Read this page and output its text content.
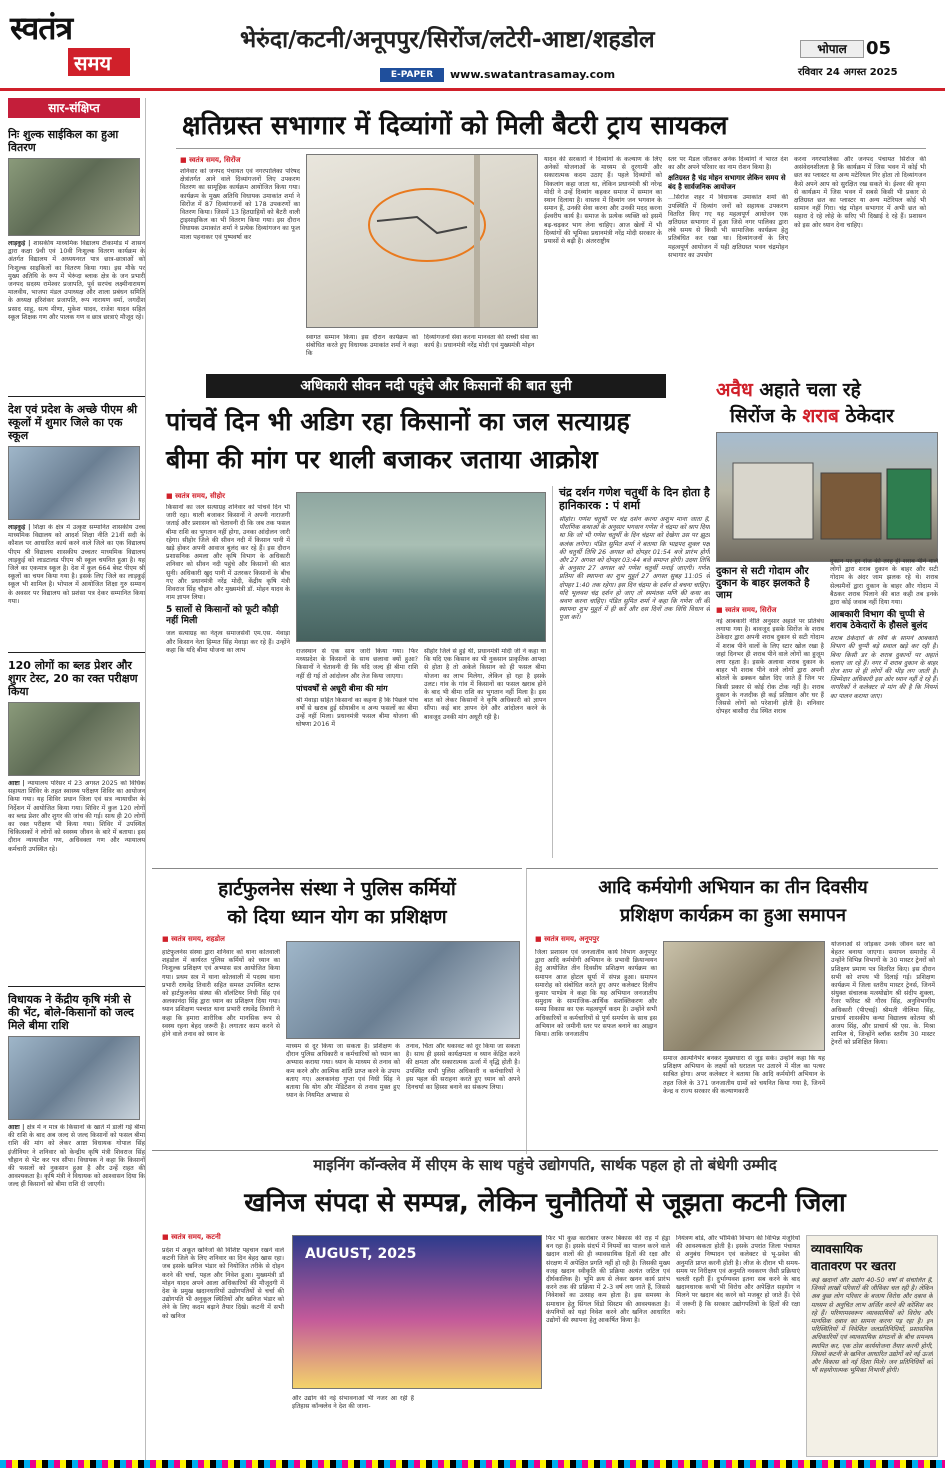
स्वतंत्र
समय
भेरुंदा/कटनी/अनूपपुर/सिरोंज/लटेरी-आष्टा/शहडोल
E-PAPER	www.swatantrasamay.com
भोपाल	05
रविवार 24 अगस्त 2025
सार-संक्षिप्त
निः शुल्क साईकिल का हुआ वितरण
लाड़कुई | शासकीय माध्यमिक विद्यालय टीकामोड में शासन द्वारा कक्षा 9वी एवं 10वी निःशुल्क वितरण कार्यक्रम के अंतर्गत विद्यालय में अध्ययनरत पात्र छात्र-छात्राओं को निःशुल्क साइकिलों का वितरण किया गया। इस मौके पर मुख्य अतिथि के रूप में भेरूंदा ब्लाक क्षेत्र के जन प्रभारी जनपद सदस्य रामेश्वर प्रजापति, पूर्व सरपंच लक्ष्मीनारायण मालवीय, भाजपा मंडल उपाध्यक्ष और शाला प्रबंधन समिति के अध्यक्ष हरिशंकर प्रजापति, रूप नारायण वर्मा, जगदीश प्रसाद साहू, सत्य मीणा, मुकेश यादव, राजेश यादव सहित स्कूल शिक्षक गण और पालक गण व छात्र छात्राएं मौजूद रहे।
देश एवं प्रदेश के अच्छे पीएम श्री स्कूलों में शुमार जिले का एक स्कूल
लाड़कुई | शिक्षा के क्षेत्र में उत्कृष्ट सम्मानित शासकीय उच्च माध्यमिक विद्यालय को आदर्श शिक्षा नीति 21वीं सदी के कौशल पर आधारित कार्य करने वाले जिले का एक विद्यालय पीएम श्री विद्यालय शासकीय उच्चतर माध्यमिक विद्यालय लाड़कुई को लाडटालड पीएम श्री स्कूल चयनित हुआ है। यह जिले का एकमात्र स्कूल है। देश में कुल 664 बेस्ट पीएम श्री स्कूलों का चयन किया गया है। इसके लिए जिले का लाड़कुई स्कूल भी शामिल है। भोपाल में आयोजित शिक्षा गुरु सम्मान के अवसर पर विद्यालय को प्रशंसा पत्र देकर सम्मानित किया गया।
120 लोगों का ब्लड प्रेशर और शुगर टेस्ट, 20 का रक्त परीक्षण किया
आष्टा | न्यायालय परिसर में 23 अगस्त 2025 को विधिक सहायता शिविर के तहत स्वास्थ्य परीक्षण शिविर का आयोजन किया गया। यह शिविर प्रधान जिला एवं सत्र न्यायाधीश के निर्देशन में आयोजित किया गया। शिविर में कुल 120 लोगों का ब्लड प्रेशर और शुगर की जांच की गई। साथ ही 20 लोगों का रक्त परीक्षण भी किया गया। शिविर में उपस्थित चिकित्सकों ने लोगों को स्वस्थ्य जीवन के बारे में बताया। इस दौरान न्यायाधीश गण, अधिवक्ता गण और न्यायालय कर्मचारी उपस्थित रहे।
विधायक ने केंद्रीय कृषि मंत्री से की भेंट, बोले-किसानों को जल्द मिले बीमा राशि
आष्टा | क्षेत्र में न मात्र के किसानों के खाते में डाली गई बीमा की राशि के बाद अब जल्द से जल्द किसानों को फसल बीमा राशि की मांग को लेकर आष्टा विधायक गोपाल सिंह इंजीनियर ने शनिवार को केन्द्रीय कृषि मंत्री शिवराज सिंह चौहान से भेंट कर पत्र सौंपा। विधायक ने कहा कि किसानों की फसलों को नुकसान हुआ है और उन्हें राहत की आवश्यकता है। कृषि मंत्री ने विधायक को आश्वासन दिया कि जल्द ही किसानों को बीमा राशि दी जाएगी।
क्षतिग्रस्त सभागार में दिव्यांगों को मिली बैटरी ट्राय सायकल
■ स्वतंत्र समय, सिरोंज
शनिवार को जनपद पंचायत एवं नगरपालिका परिषद क्षेत्रांतर्गत आने वाले दिव्यांगजनों लिए उपकरण वितरण का सामूहिक कार्यक्रम आयोजित किया गया। कार्यक्रम के मुख्य अतिथि विधायक उमाकांत शर्मा ने सिरोंज में 87 दिव्यांगजनों को 178 उपकरणों का वितरण किया। जिसमें 13 हितग्राहियों को बैटरी वाली ट्राइसाइकिल का भी वितरण किया गया। इस दौरान विधायक उमाकांत शर्मा ने प्रत्येक दिव्यांगजन का फूल माला पहनाकर एवं पुष्पवर्षा कर
स्वागत सम्मान किया। इस दौरान कार्यक्रम को संबोधित करते हुए विधायक उमाकांत शर्मा ने कहा कि
दिव्यांगजनों सेवा करना मानवता की सच्ची सेवा का कार्य है। प्रधानमंत्री नरेंद्र मोदी एवं मुख्यमंत्री मोहन
यादव की सरकारों ने दिव्यांगों के कल्याण के लिए अनेकों योजनाओं के माध्यम से दूरगामी और सकारात्मक कदम उठाए हैं। पहले दिव्यांगों को विकलांग कहा जाता था, लेकिन प्रधानमंत्री श्री नरेन्द्र मोदी ने उन्हें दिव्यांग कहकर समाज में सम्मान का स्थान दिलाया है। वास्तव में दिव्यांग जन भगवान के समान हैं, उनकी सेवा करना और उनकी मदद करना ईश्वरीय कार्य है। समाज के प्रत्येक व्यक्ति को इसमें बढ़-चढ़कर भाग लेना चाहिए। आज खेलों में भी दिव्यांगों की भूमिका प्रधानमंत्री नरेंद्र मोदी सरकार के प्रयासों से बढ़ी है। अंतरराष्ट्रीय
स्तर पर मैडल जीतकर अनेक दिव्यांगों ने भारत देश का और अपने परिवार का नाम रोशन किया है।
क्षतिग्रस्त है चंद्र मोहन सभागार लेकिन समय से बंद है सार्वजनिक आयोजन
...सिरोंज शहर में विधायक उमाकांत शर्मा की उपस्थिति में दिव्यांग जनों को सहायक उपकरण वितरित किए गए यह महत्वपूर्ण आयोजन एक क्षतिग्रस्त सभागार में हुआ जिसे नगर पालिका द्वारा लंबे समय से किसी भी सामाजिक कार्यक्रम हेतु प्रतिबंधित कर रखा था। दिव्यांगजनों के लिए महत्वपूर्ण आयोजन में यही क्षतिग्रस्त भवन चंद्रमोहन सभागार का उपयोग
करना नगरपालिका और जनपद पंचायत सिरोंज की असंवेदनशीलता है कि कार्यक्रम में जिस भवन में कोई भी छत का प्लास्टर या अन्य मटेरियल गिर होता तो दिव्यांगजन कैसे अपने आप को सुरक्षित रख सकते थे। ईश्वर की कृपा से कार्यक्रम में जिस भवन में सबसे किसी भी प्रकार से क्षतिग्रस्त छत का प्लास्टर या अन्य मटेरियल कोई भी सामान नहीं गिरा। चंद्र मोहन सभागार में अभी छत को सहारा दे रहे लोहे के सरिए भी दिखाई दे रहे हैं। प्रशासन को इस ओर ध्यान देना चाहिए।
अधिकारी सीवन नदी पहुंचे और किसानों की बात सुनी
पांचवें दिन भी अडिग रहा किसानों का जल सत्याग्रह
बीमा की मांग पर थाली बजाकर जताया आक्रोश
■ स्वतंत्र समय, सीहोर
किसानों का जल सत्याग्रह शनिवार को पांचवें दिन भी जारी रहा। थाली बजाकर किसानों ने अपनी नाराजगी जताई और प्रशासन को चेतावनी दी कि जब तक फसल बीमा राशि का भुगतान नहीं होगा, उनका आंदोलन जारी रहेगा। सीहोर जिले की सीवन नदी में किसान पानी में खड़े होकर अपनी आवाज बुलंद कर रहे हैं। इस दौरान प्रशासनिक अमला और कृषि विभाग के अधिकारी शनिवार को सीवन नदी पहुंचे और किसानों की बात सुनी। अधिकारी खुद पानी में उतरकर किसानों के बीच गए और प्रधानमंत्री नरेंद्र मोदी, केंद्रीय कृषि मंत्री शिवराज सिंह चौहान और मुख्यमंत्री डॉ. मोहन यादव के नाम ज्ञापन लिया।
5 सालों से किसानों को फूटी कौड़ी नहीं मिली
जल सत्याग्रह का नेतृत्व समाजसेवी एम.एस. मेवाड़ा और किसान नेता हिम्मत सिंह मेवाड़ा कर रहे हैं। उन्होंने कहा कि यदि बीमा योजना का लाभ	राजस्थान से एक साथ जारी किया गया। फिर मध्यप्रदेश के किसानों के साथ छलावा क्यों हुआ? किसानों ने चेतावनी दी कि यदि जल्द ही बीमा राशि नहीं दी गई तो आंदोलन और तेज किया जाएगा।
पांचवर्षों से अधूरी बीमा की मांग
श्री मेवाड़ा सहित किसानों का कहना है कि पिछले पांच वर्षों से खराब हुई सोयाबीन व अन्य फसलों का बीमा उन्हें नहीं मिला। प्रधानमंत्री फसल बीमा योजना की घोषणा 2016 में
सीहोर जिले से हुई थी, प्रधानमंत्री मोदी जी ने कहा था कि यदि एक किसान का भी नुकसान प्राकृतिक आपदा से होता है तो अकेले किसान को ही फसल बीमा योजना का लाभ मिलेगा, लेकिन हो रहा है इसके उलट। गांव के गांव में किसानों का फसल खराब होने के बाद भी बीमा राशि का भुगतान नहीं मिला है। इस बात को लेकर किसानों ने कृषि अधिकारी को ज्ञापन सौंपा। कई बार ज्ञापन देने और आंदोलन करने के बावजूद उनकी मांग अधूरी रही है।
चंद्र दर्शन गणेश चतुर्थी के दिन होता है हानिकारक : पं शर्मा
सीहोर। गणेश चतुर्थी पर चंद्र दर्शन करना अशुभ माना जाता है, पौराणिक कथाओं के अनुसार भगवान गणेश ने चंद्रमा को श्राप दिया था कि जो भी गणेश चतुर्थी के दिन चंद्रमा को देखेगा उस पर झूठा कलंक लगेगा। पंडित सुमित शर्मा ने बताया कि भाद्रपद शुक्ल पक्ष की चतुर्थी तिथि 26 अगस्त को दोपहर 01:54 बजे प्रारंभ होगी और 27 अगस्त को दोपहर 03:44 बजे समाप्त होगी। उदया तिथि के अनुसार 27 अगस्त को गणेश चतुर्थी मनाई जाएगी। गणेश प्रतिमा की स्थापना का शुभ मुहूर्त 27 अगस्त सुबह 11:05 से दोपहर 1:40 तक रहेगा। इस दिन चंद्रमा के दर्शन से बचना चाहिए। यदि भूलवश चंद्र दर्शन हो जाए तो स्यमंतक मणि की कथा का श्रवण करना चाहिए। पंडित सुमित शर्मा ने कहा कि गणेश जी की स्थापना शुभ मुहूर्त में ही करें और दस दिनों तक विधि विधान से पूजा करें।
अवैध अहाते चला रहे
सिरोंज के शराब ठेकेदार
दुकान से सटी गोदाम और दुकान के बाहर झलकते है जाम
■ स्वतंत्र समय, सिरोंज
नई आबकारी नीति अनुसार अहाते पर प्रतिबंध लगाया गया है। बावजूद इसके सिरोंज के शराब ठेकेदार द्वारा अपनी शराब दुकान से सटी गोदाम में शराब पीने वालों के लिए स्टार खोल रखा है जहां दिनभर ही शराब पीने वाले लोगों का हुजूम लगा रहता है। इसके अलावा शराब दुकान के बाहर भी शराब पीने वाले लोगों द्वारा अपनी बोतलें के ढक्कन खोल दिए जाते हैं जिन पर किसी प्रकार से कोई रोक टोक नहीं है। शराब दुकान के नजदीक ही कई प्रतिष्ठान और घर हैं जिससे लोगों को परेशानी होती है। शनिवार दोपहर बासौदा रोड स्थित शराब
दुकान पर हर रोज की तरह ही शराब पीने वाले लोगों द्वारा शराब दुकान के बाहर और सटी गोदाम के अंदर जाम झलक रहे थे। शराब सेल्समैनों द्वारा दुकान के बाहर और गोदाम में बैठकर शराब पिलाने की बात कही तब इनके द्वारा कोई जवाब नहीं दिया गया।
आबकारी विभाग की चुप्पी से शराब ठेकेदारों के हौसले बुलंद
शराब ठेकेदारों के रवैये के सामने आबकारी विभाग की चुप्पी बड़े सवाल खड़े कर रही है। बिना किसी डर के शराब दुकानों पर अहाते चलाए जा रहे हैं। नगर में शराब दुकान के बाहर रोज शाम से ही लोगों की भीड़ लग जाती है। जिम्मेदार अधिकारी इस ओर ध्यान नहीं दे रहे हैं। नागरिकों ने कलेक्टर से मांग की है कि नियमों का पालन कराया जाए।
हार्टफुलनेस संस्था ने पुलिस कर्मियों
को दिया ध्यान योग का प्रशिक्षण
■ स्वतंत्र समय, शहडोल
हार्टफुलनेस संस्था द्वारा शनिवार को थाना कोतवाली शहडोल में कार्यरत पुलिस कर्मियों को ध्यान का निःशुल्क प्रशिक्षण एवं अभ्यास सत्र आयोजित किया गया। प्रथम सत्र में थाना कोतवाली में पदस्थ थाना प्रभारी राघवेंद्र तिवारी सहित समस्त उपस्थित स्टाफ को हार्टफुलनेस संस्था की वॉलंटियर निधी सिंह एवं अलकानंदा सिंह द्वारा ध्यान का प्रशिक्षण दिया गया। ध्यान प्रशिक्षण पश्चात थाना प्रभारी राघवेंद्र तिवारी ने कहा कि हमारा शारीरिक और मानसिक रूप से स्वस्थ रहना बेहद जरूरी है। लगातार काम करने से होने वाले तनाव को ध्यान के
माध्यम से दूर किया जा सकता है। प्रशिक्षण के दौरान पुलिस अधिकारी व कर्मचारियों को ध्यान का अभ्यास कराया गया। ध्यान के माध्यम से तनाव को कम करने और आत्मिक शांति प्राप्त करने के उपाय बताए गए। अलकानंदा गुप्ता एवं निधी सिंह ने बताया कि योग और मेडिटेशन से तनाव मुक्त हुए ध्यान के नियमित अभ्यास से
तनाव, चिंता और थकावट को दूर किया जा सकता है। साथ ही इससे कार्यक्षमता व ध्यान केंद्रित करने की क्षमता और सकारात्मक ऊर्जा में वृद्धि होती है। उपस्थित सभी पुलिस अधिकारी व कर्मचारियों ने इस पहल की सराहना करते हुए ध्यान को अपने दिनचर्या का हिस्सा बनाने का संकल्प लिया।
आदि कर्मयोगी अभियान का तीन दिवसीय
प्रशिक्षण कार्यक्रम का हुआ समापन
■ स्वतंत्र समय, अनूपपुर
जिला प्रशासन एवं जनजातीय कार्य विभाग अनूपपुर द्वारा आदि कर्मयोगी अभियान के प्रभावी क्रियान्वयन हेतु आयोजित तीन दिवसीय प्रशिक्षण कार्यक्रम का समापन आज होटल सूर्या में संपन्न हुआ। समापन समारोह को संबोधित करते हुए अपर कलेक्टर दिलीप कुमार पाण्डेय ने कहा कि यह अभियान जनजातीय समुदाय के सामाजिक-आर्थिक सशक्तिकरण और समग्र विकास का एक महत्वपूर्ण कदम है। उन्होंने सभी अधिकारियों व कर्मचारियों से पूर्ण समर्पण के साथ इस अभियान को जमीनी स्तर पर सफल बनाने का आह्वान किया। ताकि जनजातीय
समाज आत्मनिर्भर बनकर मुख्यधारा से जुड़ सके। उन्होंने कहा कि यह प्रशिक्षण अभियान के लक्ष्यों को धरातल पर उतारने में मील का पत्थर साबित होगा। अपर कलेक्टर ने बताया कि आदि कर्मयोगी अभियान के तहत जिले के 371 जनजातीय ग्रामों को चयनित किया गया है, जिनमें केन्द्र व राज्य सरकार की कल्याणकारी
योजनाओं से जोड़कर उनके जीवन स्तर को बेहतर बनाया जाएगा। समापन समारोह में उन्होंने विभिन्न विभागों के 30 मास्टर ट्रेनरों को प्रशिक्षण प्रमाण पत्र वितरित किए। इस दौरान सभी को शपथ भी दिलाई गई। प्रशिक्षण कार्यक्रम में जिला स्तरीय मास्टर ट्रेनर्स, जिनमें संयुक्त संचालक मत्स्योद्योग श्री संदीप शुक्ला, रेंजर फॉरेस्ट श्री गौरव सिंह, अनुविभागीय अधिकारी (पीएचई) श्रीमती नीलिमा सिंह, प्राचार्य शासकीय कन्या विद्यालय कोतमा श्री अजय सिंह, और प्राचार्य श्री एस. के. मिश्रा शामिल थे, जिन्होंने ब्लॉक स्तरीय 30 मास्टर ट्रेनरों को प्रशिक्षित किया।
माइनिंग कॉन्क्लेव में सीएम के साथ पहुंचे उद्योगपति, सार्थक पहल हो तो बंधेगी उम्मीद
खनिज संपदा से सम्पन्न, लेकिन चुनौतियों से जूझता कटनी जिला
■ स्वतंत्र समय, कटनी
प्रदेश में अकूत खनिजों की विशिष्ट पहचान रखने वाले कटनी जिले के लिए शनिवार का दिन बेहद खास रहा। जब इसके खनिज भंडार को नियोजित तरीके से दोहन करने की चर्चा, पहल और निवेश हुआ। मुख्यमंत्री डॉ मोहन यादव अपने आला अधिकारियों की मौजूदगी में देश के प्रमुख खदानधारियों उद्योगपतियों से चर्चा की उद्योगपति भी अनुकूल स्थितियों और खनिज भंडार को लेने के लिए कदम बढ़ाने तैयार दिखे। कटनी में सभी को खनिज
AUGUST, 2025
और उद्योग की नई संभावनाओं भी नजर आ रही हैं इतिहास कॉन्क्लेव ने देश की जाना-
फिर भी कुछ कारोबार जरूर बिकास की राह में हेड्रा बन रहा है। इसके संदर्भ में नियमों का पालन करने वाले खदान वालों की ही व्यावसायिक हितों की रक्षा और संरक्षण में अपेक्षित प्रगति नहीं हो रही है। जिसकी मुख्य वजह खदान स्वीकृति की प्रक्रिया अत्यंत जटिल एवं दीर्घकालिक है। भूमि क्रय से लेकर खनन कार्य प्रारंभ करने तक की प्रक्रिया में 2-3 वर्ष लग जाते हैं, जिससे निवेशकों का उत्साह कम होता है। इस समस्या के समाधान हेतु सिंगल विंडो सिस्टम की आवश्यकता है। कंपनियों को यहां निवेश करने और खनिज आधारित उद्योगों की स्थापना हेतु आकर्षित किया है।
नियंत्रण बोर्ड, और भौमिकी विभाग की विभिन्न मंजूरियों की आवश्यकता होती है। इसके उपरांत जिला पंचायत से अनुबंध निष्पादन एवं कलेक्टर से भू-प्रवेश की अनुमति प्राप्त करनी होती है। लीज के दौरान भी समय-समय पर निरीक्षण एवं अनुमति नवकरण जैसी प्रक्रियाएं चलती रहती हैं। दुर्भाग्यवश इतना सब करने के बाद खदानधारक कभी भी विरोध और अपेक्षित सहयोग न मिलने पर खदान बंद करने को मजबूर हो जाते हैं। ऐसे में जरूरी है कि सरकार उद्योगपतियों के हितों की रक्षा करे।
व्यावसायिक
वातावरण पर खतरा
कई खदानों और उद्योग 40-50 वर्षों से संचालित हैं, जिनसे लाखों परिवारों की जीविका चल रही है। लेकिन अब कुछ लोग परिवार के बजाय विरोध और दबाव के माध्यम से अनुचित लाभ अर्जित करने की कोशिश कर रहे हैं। परिणामस्वरूप व्यावसायियों को विरोध और मानसिक दबाव का सामना करना पड़ रहा है। इन परिस्थितियों में निवेशित जलप्रतिनिधियों, प्रशासनिक अधिकारियों एवं व्यावसायिक संगठनों के बीच समन्वय स्थापित कर, एक ठोस कार्ययोजना तैयार करनी होगी, जिससे कटनी के खनिज आधारित उद्योगों को नई ऊर्जा और विकास को नई दिशा मिले। जन प्रतिनिधियों को भी सहयोगात्मक भूमिका निभानी होगी।
